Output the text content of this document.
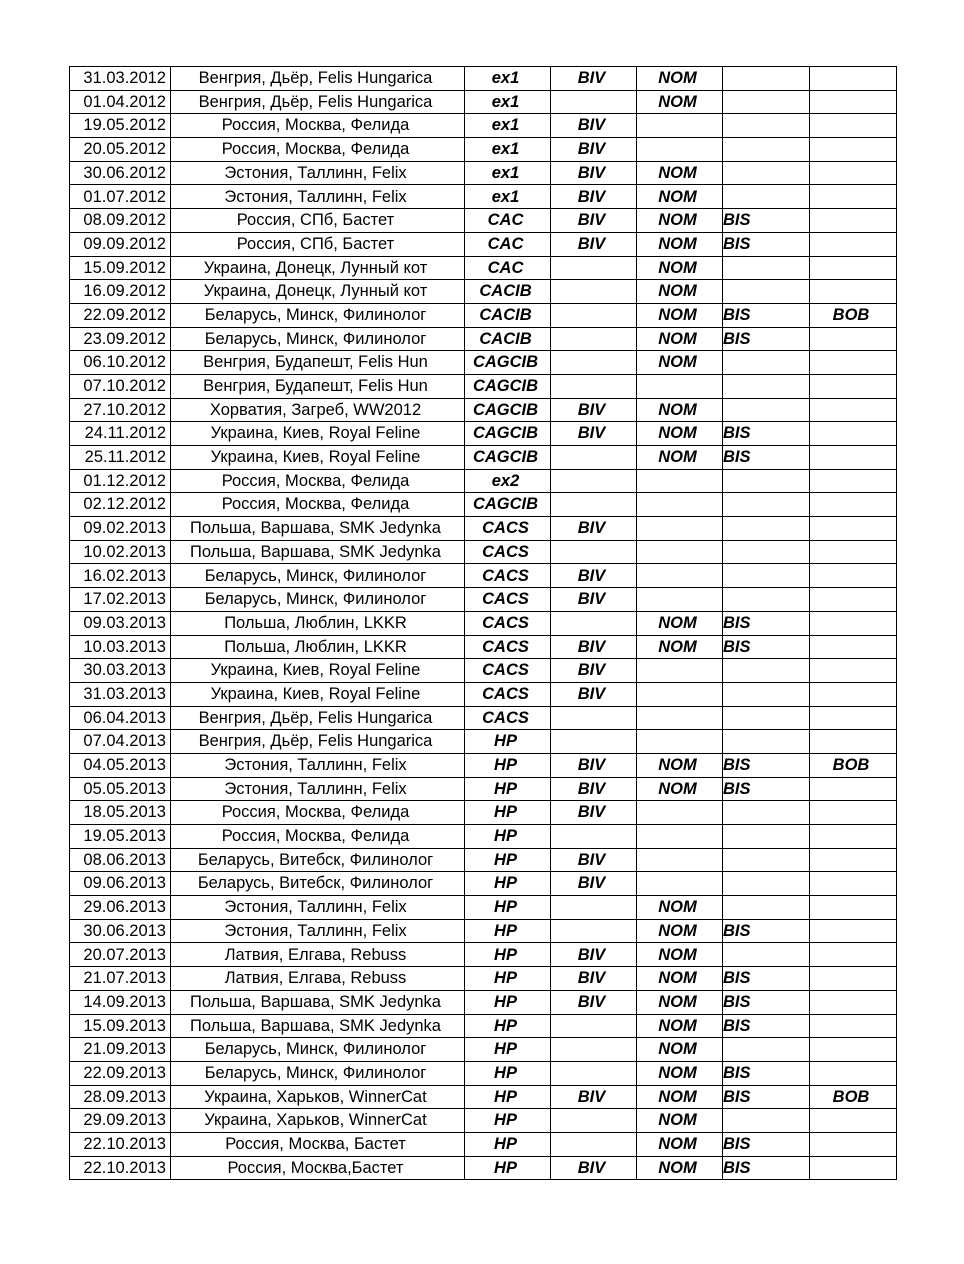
31.03.2012	Венгрия, Дьёр, Felis Hungarica	ex1	BIV	NOM		
01.04.2012	Венгрия, Дьёр, Felis Hungarica	ex1		NOM		
19.05.2012	Россия, Москва, Фелида	ex1	BIV			
20.05.2012	Россия, Москва, Фелида	ex1	BIV			
30.06.2012	Эстония, Таллинн, Felix	ex1	BIV	NOM		
01.07.2012	Эстония, Таллинн, Felix	ex1	BIV	NOM		
08.09.2012	Россия, СПб, Бастет	CAC	BIV	NOM	BIS	
09.09.2012	Россия, СПб, Бастет	CAC	BIV	NOM	BIS	
15.09.2012	Украина, Донецк, Лунный кот	CAC		NOM		
16.09.2012	Украина, Донецк, Лунный кот	CACIB		NOM		
22.09.2012	Беларусь, Минск, Филинолог	CACIB		NOM	BIS	BOB
23.09.2012	Беларусь, Минск, Филинолог	CACIB		NOM	BIS	
06.10.2012	Венгрия, Будапешт, Felis Hun	CAGCIB		NOM		
07.10.2012	Венгрия, Будапешт, Felis Hun	CAGCIB				
27.10.2012	Хорватия, Загреб, WW2012	CAGCIB	BIV	NOM		
24.11.2012	Украина, Киев, Royal Feline	CAGCIB	BIV	NOM	BIS	
25.11.2012	Украина, Киев, Royal Feline	CAGCIB		NOM	BIS	
01.12.2012	Россия, Москва, Фелида	ex2				
02.12.2012	Россия, Москва, Фелида	CAGCIB				
09.02.2013	Польша, Варшава, SMK Jedynka	CACS	BIV			
10.02.2013	Польша, Варшава, SMK Jedynka	CACS				
16.02.2013	Беларусь, Минск, Филинолог	CACS	BIV			
17.02.2013	Беларусь, Минск, Филинолог	CACS	BIV			
09.03.2013	Польша, Люблин, LKKR	CACS		NOM	BIS	
10.03.2013	Польша, Люблин, LKKR	CACS	BIV	NOM	BIS	
30.03.2013	Украина, Киев, Royal Feline	CACS	BIV			
31.03.2013	Украина, Киев, Royal Feline	CACS	BIV			
06.04.2013	Венгрия, Дьёр, Felis Hungarica	CACS				
07.04.2013	Венгрия, Дьёр, Felis Hungarica	HP				
04.05.2013	Эстония, Таллинн, Felix	HP	BIV	NOM	BIS	BOB
05.05.2013	Эстония, Таллинн, Felix	HP	BIV	NOM	BIS	
18.05.2013	Россия, Москва, Фелида	HP	BIV			
19.05.2013	Россия, Москва, Фелида	HP				
08.06.2013	Беларусь, Витебск, Филинолог	HP	BIV			
09.06.2013	Беларусь, Витебск, Филинолог	HP	BIV			
29.06.2013	Эстония, Таллинн, Felix	HP		NOM		
30.06.2013	Эстония, Таллинн, Felix	HP		NOM	BIS	
20.07.2013	Латвия, Елгава, Rebuss	HP	BIV	NOM		
21.07.2013	Латвия, Елгава, Rebuss	HP	BIV	NOM	BIS	
14.09.2013	Польша, Варшава, SMK Jedynka	HP	BIV	NOM	BIS	
15.09.2013	Польша, Варшава, SMK Jedynka	HP		NOM	BIS	
21.09.2013	Беларусь, Минск, Филинолог	HP		NOM		
22.09.2013	Беларусь, Минск, Филинолог	HP		NOM	BIS	
28.09.2013	Украина, Харьков, WinnerCat	HP	BIV	NOM	BIS	BOB
29.09.2013	Украина, Харьков, WinnerCat	HP		NOM		
22.10.2013	Россия, Москва, Бастет	HP		NOM	BIS	
22.10.2013	Россия, Москва,Бастет	HP	BIV	NOM	BIS	
